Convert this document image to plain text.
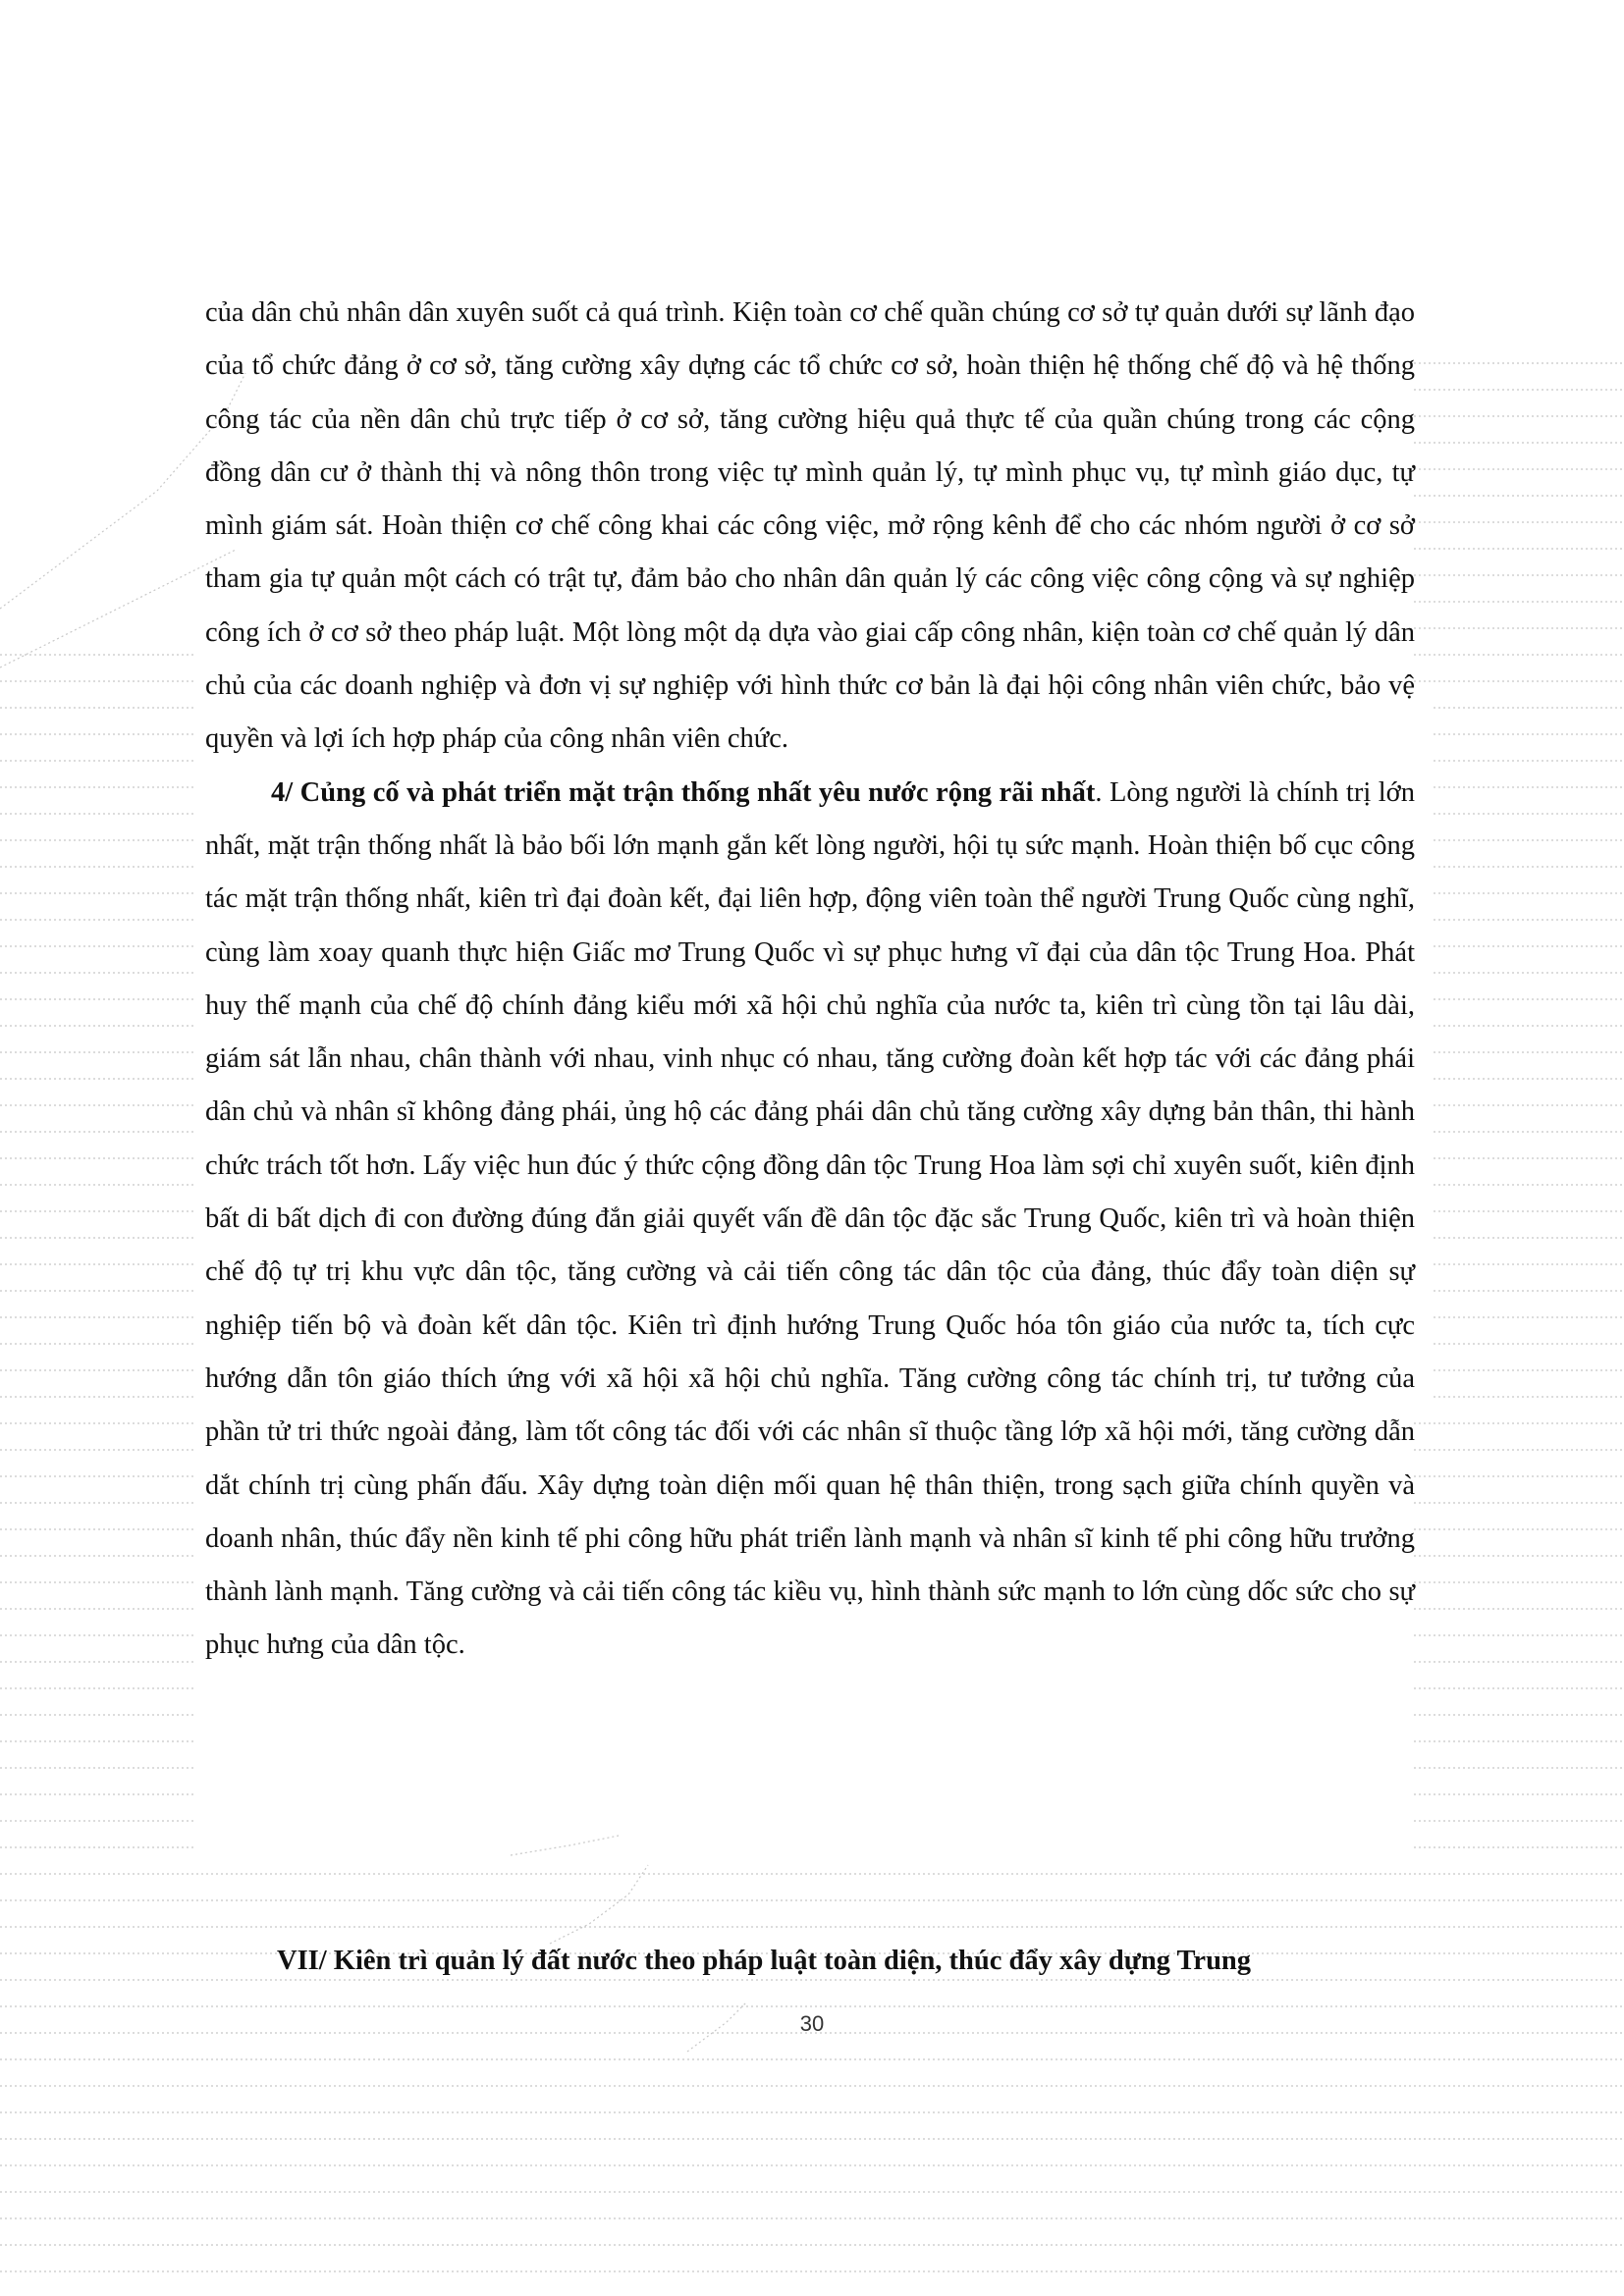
của dân chủ nhân dân xuyên suốt cả quá trình. Kiện toàn cơ chế quần chúng cơ sở tự quản dưới sự lãnh đạo của tổ chức đảng ở cơ sở, tăng cường xây dựng các tổ chức cơ sở, hoàn thiện hệ thống chế độ và hệ thống công tác của nền dân chủ trực tiếp ở cơ sở, tăng cường hiệu quả thực tế của quần chúng trong các cộng đồng dân cư ở thành thị và nông thôn trong việc tự mình quản lý, tự mình phục vụ, tự mình giáo dục, tự mình giám sát. Hoàn thiện cơ chế công khai các công việc, mở rộng kênh để cho các nhóm người ở cơ sở tham gia tự quản một cách có trật tự, đảm bảo cho nhân dân quản lý các công việc công cộng và sự nghiệp công ích ở cơ sở theo pháp luật. Một lòng một dạ dựa vào giai cấp công nhân, kiện toàn cơ chế quản lý dân chủ của các doanh nghiệp và đơn vị sự nghiệp với hình thức cơ bản là đại hội công nhân viên chức, bảo vệ quyền và lợi ích hợp pháp của công nhân viên chức.

4/ Củng cố và phát triển mặt trận thống nhất yêu nước rộng rãi nhất. Lòng người là chính trị lớn nhất, mặt trận thống nhất là bảo bối lớn mạnh gắn kết lòng người, hội tụ sức mạnh. Hoàn thiện bố cục công tác mặt trận thống nhất, kiên trì đại đoàn kết, đại liên hợp, động viên toàn thể người Trung Quốc cùng nghĩ, cùng làm xoay quanh thực hiện Giấc mơ Trung Quốc vì sự phục hưng vĩ đại của dân tộc Trung Hoa. Phát huy thế mạnh của chế độ chính đảng kiểu mới xã hội chủ nghĩa của nước ta, kiên trì cùng tồn tại lâu dài, giám sát lẫn nhau, chân thành với nhau, vinh nhục có nhau, tăng cường đoàn kết hợp tác với các đảng phái dân chủ và nhân sĩ không đảng phái, ủng hộ các đảng phái dân chủ tăng cường xây dựng bản thân, thi hành chức trách tốt hơn. Lấy việc hun đúc ý thức cộng đồng dân tộc Trung Hoa làm sợi chỉ xuyên suốt, kiên định bất di bất dịch đi con đường đúng đắn giải quyết vấn đề dân tộc đặc sắc Trung Quốc, kiên trì và hoàn thiện chế độ tự trị khu vực dân tộc, tăng cường và cải tiến công tác dân tộc của đảng, thúc đẩy toàn diện sự nghiệp tiến bộ và đoàn kết dân tộc. Kiên trì định hướng Trung Quốc hóa tôn giáo của nước ta, tích cực hướng dẫn tôn giáo thích ứng với xã hội xã hội chủ nghĩa. Tăng cường công tác chính trị, tư tưởng của phần tử tri thức ngoài đảng, làm tốt công tác đối với các nhân sĩ thuộc tầng lớp xã hội mới, tăng cường dẫn dắt chính trị cùng phấn đấu. Xây dựng toàn diện mối quan hệ thân thiện, trong sạch giữa chính quyền và doanh nhân, thúc đẩy nền kinh tế phi công hữu phát triển lành mạnh và nhân sĩ kinh tế phi công hữu trưởng thành lành mạnh. Tăng cường và cải tiến công tác kiều vụ, hình thành sức mạnh to lớn cùng dốc sức cho sự phục hưng của dân tộc.

VII/ Kiên trì quản lý đất nước theo pháp luật toàn diện, thúc đẩy xây dựng Trung
30
